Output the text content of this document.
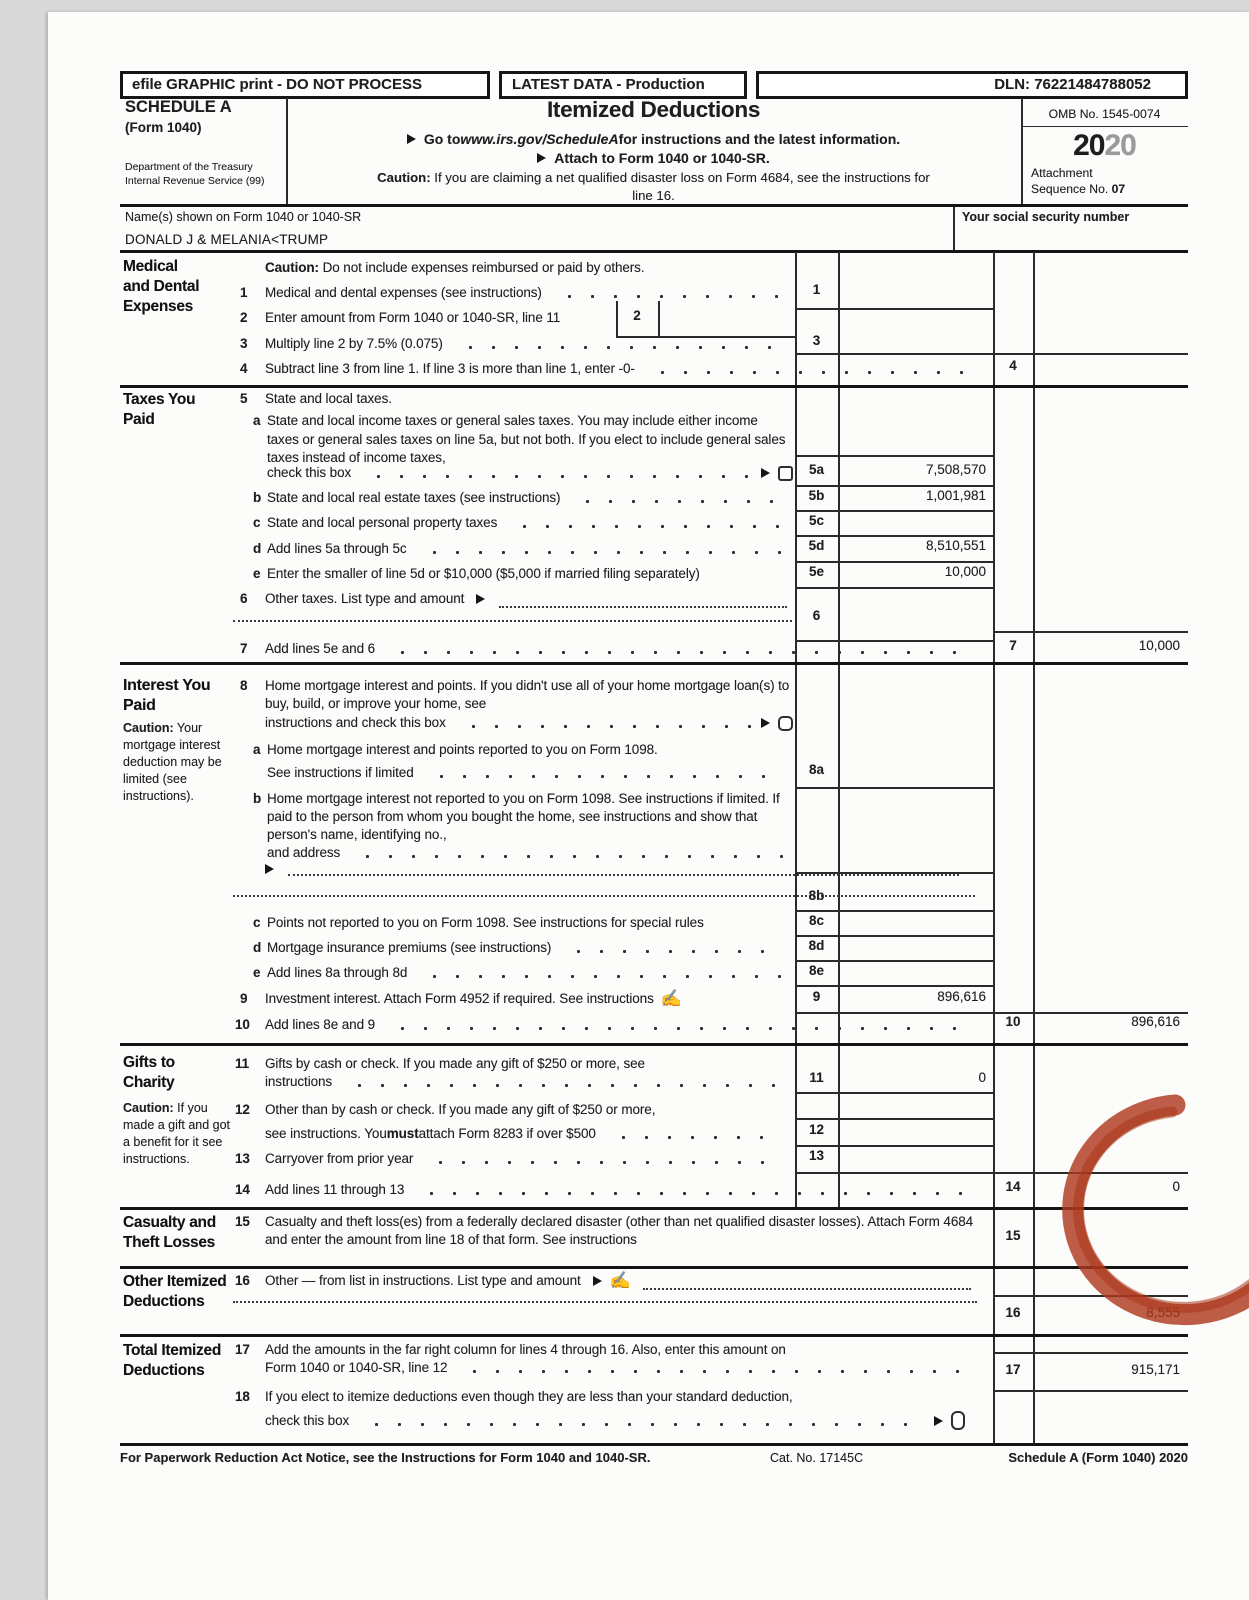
efile GRAPHIC print - DO NOT PROCESS	LATEST DATA - Production	DLN: 76221484788052
SCHEDULE A
(Form 1040)
Department of the Treasury
Internal Revenue Service (99)
Itemized Deductions
Go to www.irs.gov/ScheduleA for instructions and the latest information.
Attach to Form 1040 or 1040-SR.
Caution: If you are claiming a net qualified disaster loss on Form 4684, see the instructions for
line 16.
OMB No. 1545-0074
2020
Attachment
Sequence No. 07
Name(s) shown on Form 1040 or 1040-SR
DONALD J & MELANIA<TRUMP
Your social security number
Medical and Dental Expenses
Caution: Do not include expenses reimbursed or paid by others.
1 Medical and dental expenses (see instructions)	1
2 Enter amount from Form 1040 or 1040-SR, line 11	2
3 Multiply line 2 by 7.5% (0.075)	3
4 Subtract line 3 from line 1. If line 3 is more than line 1, enter -0-	4
Taxes You Paid
5 State and local taxes.
a State and local income taxes or general sales taxes. You may include either income taxes or general sales taxes on line 5a, but not both. If you elect to include general sales taxes instead of income taxes,
check this box	5a	7,508,570
b State and local real estate taxes (see instructions)	5b	1,001,981
c State and local personal property taxes	5c
d Add lines 5a through 5c	5d	8,510,551
e Enter the smaller of line 5d or $10,000 ($5,000 if married filing separately)	5e	10,000
6 Other taxes. List type and amount
6
7 Add lines 5e and 6	7	10,000
Interest You Paid
Caution: Your mortgage interest deduction may be limited (see instructions).
8 Home mortgage interest and points. If you didn't use all of your home mortgage loan(s) to buy, build, or improve your home, see
instructions and check this box
a Home mortgage interest and points reported to you on Form 1098.
See instructions if limited	8a
b Home mortgage interest not reported to you on Form 1098. See instructions if limited. If paid to the person from whom you bought the home, see instructions and show that person's name, identifying no.,
and address
8b
c Points not reported to you on Form 1098. See instructions for special rules	8c
d Mortgage insurance premiums (see instructions)	8d
e Add lines 8a through 8d	8e
9 Investment interest. Attach Form 4952 if required. See instructions ✍	9	896,616
10 Add lines 8e and 9	10	896,616
Gifts to Charity
Caution: If you made a gift and got a benefit for it see instructions.
11 Gifts by cash or check. If you made any gift of $250 or more, see
instructions	11	0
12 Other than by cash or check. If you made any gift of $250 or more,
see instructions. You must attach Form 8283 if over $500	12
13 Carryover from prior year	13
14 Add lines 11 through 13	14	0
Casualty and Theft Losses
15 Casualty and theft loss(es) from a federally declared disaster (other than net qualified disaster losses). Attach Form 4684 and enter the amount from line 18 of that form. See instructions	15
Other Itemized Deductions
16 Other — from list in instructions. List type and amount ✍
16	8,555
Total Itemized Deductions
17 Add the amounts in the far right column for lines 4 through 16. Also, enter this amount on
Form 1040 or 1040-SR, line 12	17	915,171
18 If you elect to itemize deductions even though they are less than your standard deduction,
check this box
For Paperwork Reduction Act Notice, see the Instructions for Form 1040 and 1040-SR.	Cat. No. 17145C	Schedule A (Form 1040) 2020
